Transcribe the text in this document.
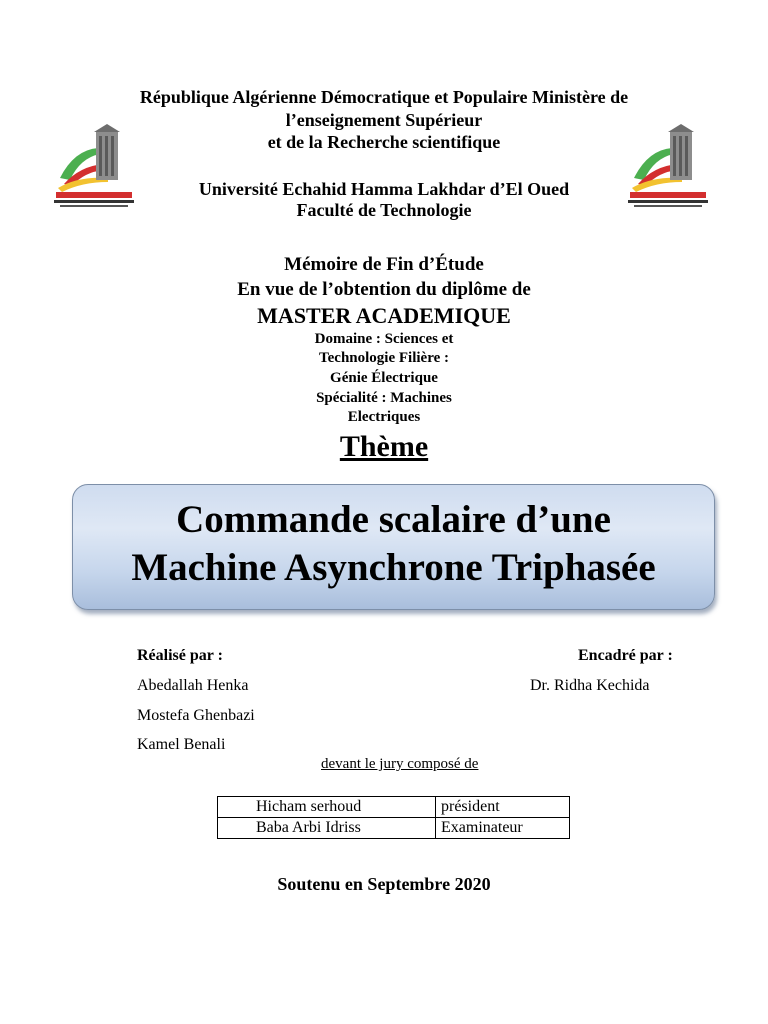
République Algérienne Démocratique et Populaire Ministère de
l’enseignement Supérieur
et de la Recherche scientifique
Université Echahid Hamma Lakhdar d’El Oued
Faculté de Technologie
Mémoire de Fin d’Étude
En vue de l’obtention du diplôme de
MASTER ACADEMIQUE
Domaine : Sciences et
Technologie Filière :
Génie Électrique
Spécialité : Machines
Electriques
Thème
Commande scalaire d’une
Machine Asynchrone Triphasée
Réalisé par :	Encadré par :
Abedallah Henka	Dr. Ridha Kechida
Mostefa Ghenbazi
Kamel Benali
devant le jury composé de
Hicham serhoud	président
Baba Arbi Idriss	Examinateur
Soutenu en Septembre 2020
